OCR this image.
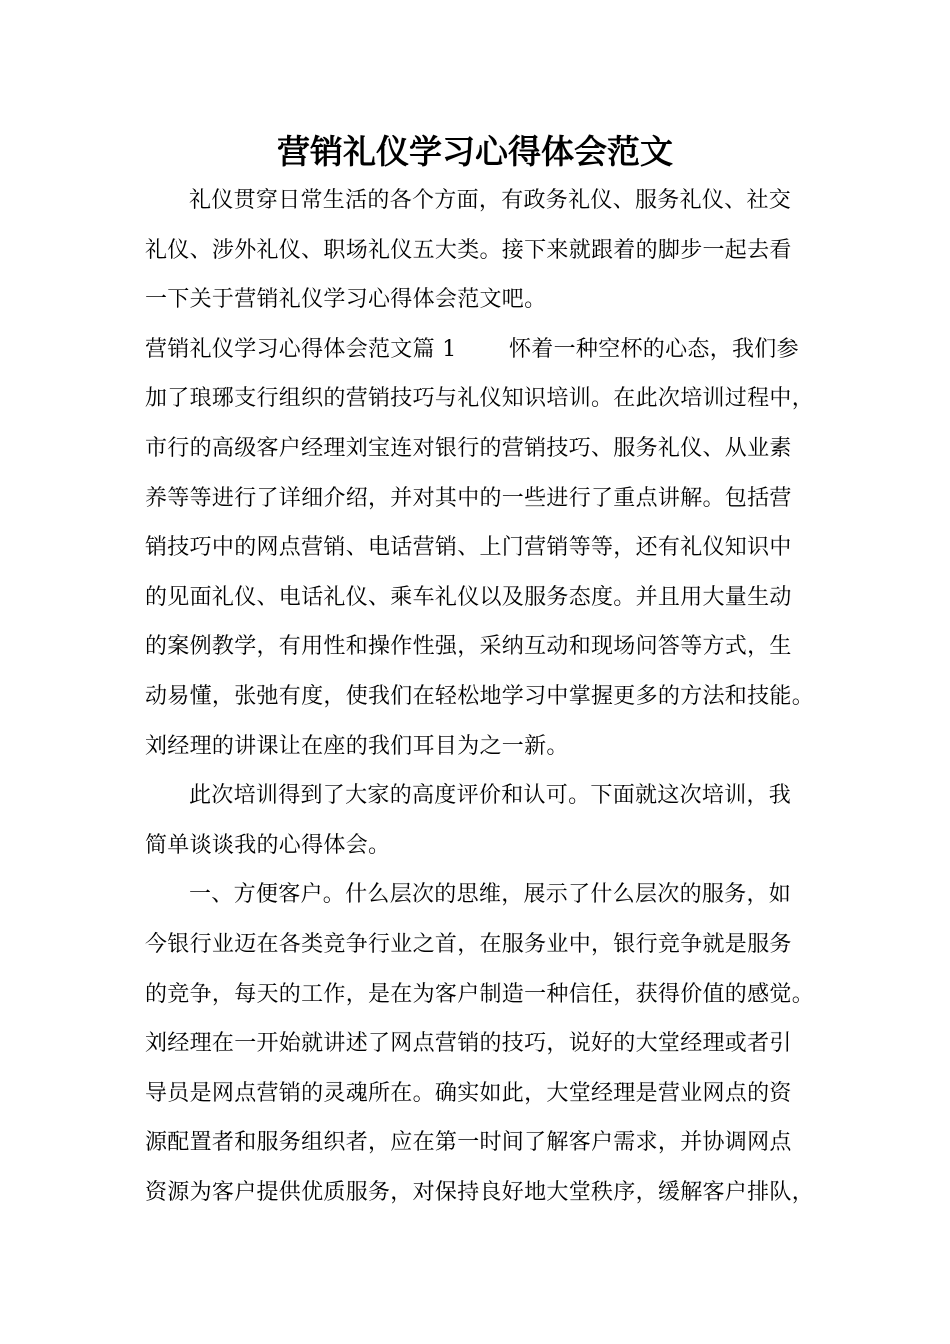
营销礼仪学习心得体会范文
礼仪贯穿日常生活的各个方面，有政务礼仪、服务礼仪、社交
礼仪、涉外礼仪、职场礼仪五大类。接下来就跟着的脚步一起去看
一下关于营销礼仪学习心得体会范文吧。
营销礼仪学习心得体会范文篇 1 怀着一种空杯的心态，我们参
加了琅琊支行组织的营销技巧与礼仪知识培训。在此次培训过程中，
市行的高级客户经理刘宝连对银行的营销技巧、服务礼仪、从业素
养等等进行了详细介绍，并对其中的一些进行了重点讲解。包括营
销技巧中的网点营销、电话营销、上门营销等等，还有礼仪知识中
的见面礼仪、电话礼仪、乘车礼仪以及服务态度。并且用大量生动
的案例教学，有用性和操作性强，采纳互动和现场问答等方式，生
动易懂，张弛有度，使我们在轻松地学习中掌握更多的方法和技能。
刘经理的讲课让在座的我们耳目为之一新。
此次培训得到了大家的高度评价和认可。下面就这次培训，我
简单谈谈我的心得体会。
一、方便客户。什么层次的思维，展示了什么层次的服务，如
今银行业迈在各类竞争行业之首，在服务业中，银行竞争就是服务
的竞争，每天的工作，是在为客户制造一种信任，获得价值的感觉。
刘经理在一开始就讲述了网点营销的技巧，说好的大堂经理或者引
导员是网点营销的灵魂所在。确实如此，大堂经理是营业网点的资
源配置者和服务组织者，应在第一时间了解客户需求，并协调网点
资源为客户提供优质服务，对保持良好地大堂秩序，缓解客户排队，
